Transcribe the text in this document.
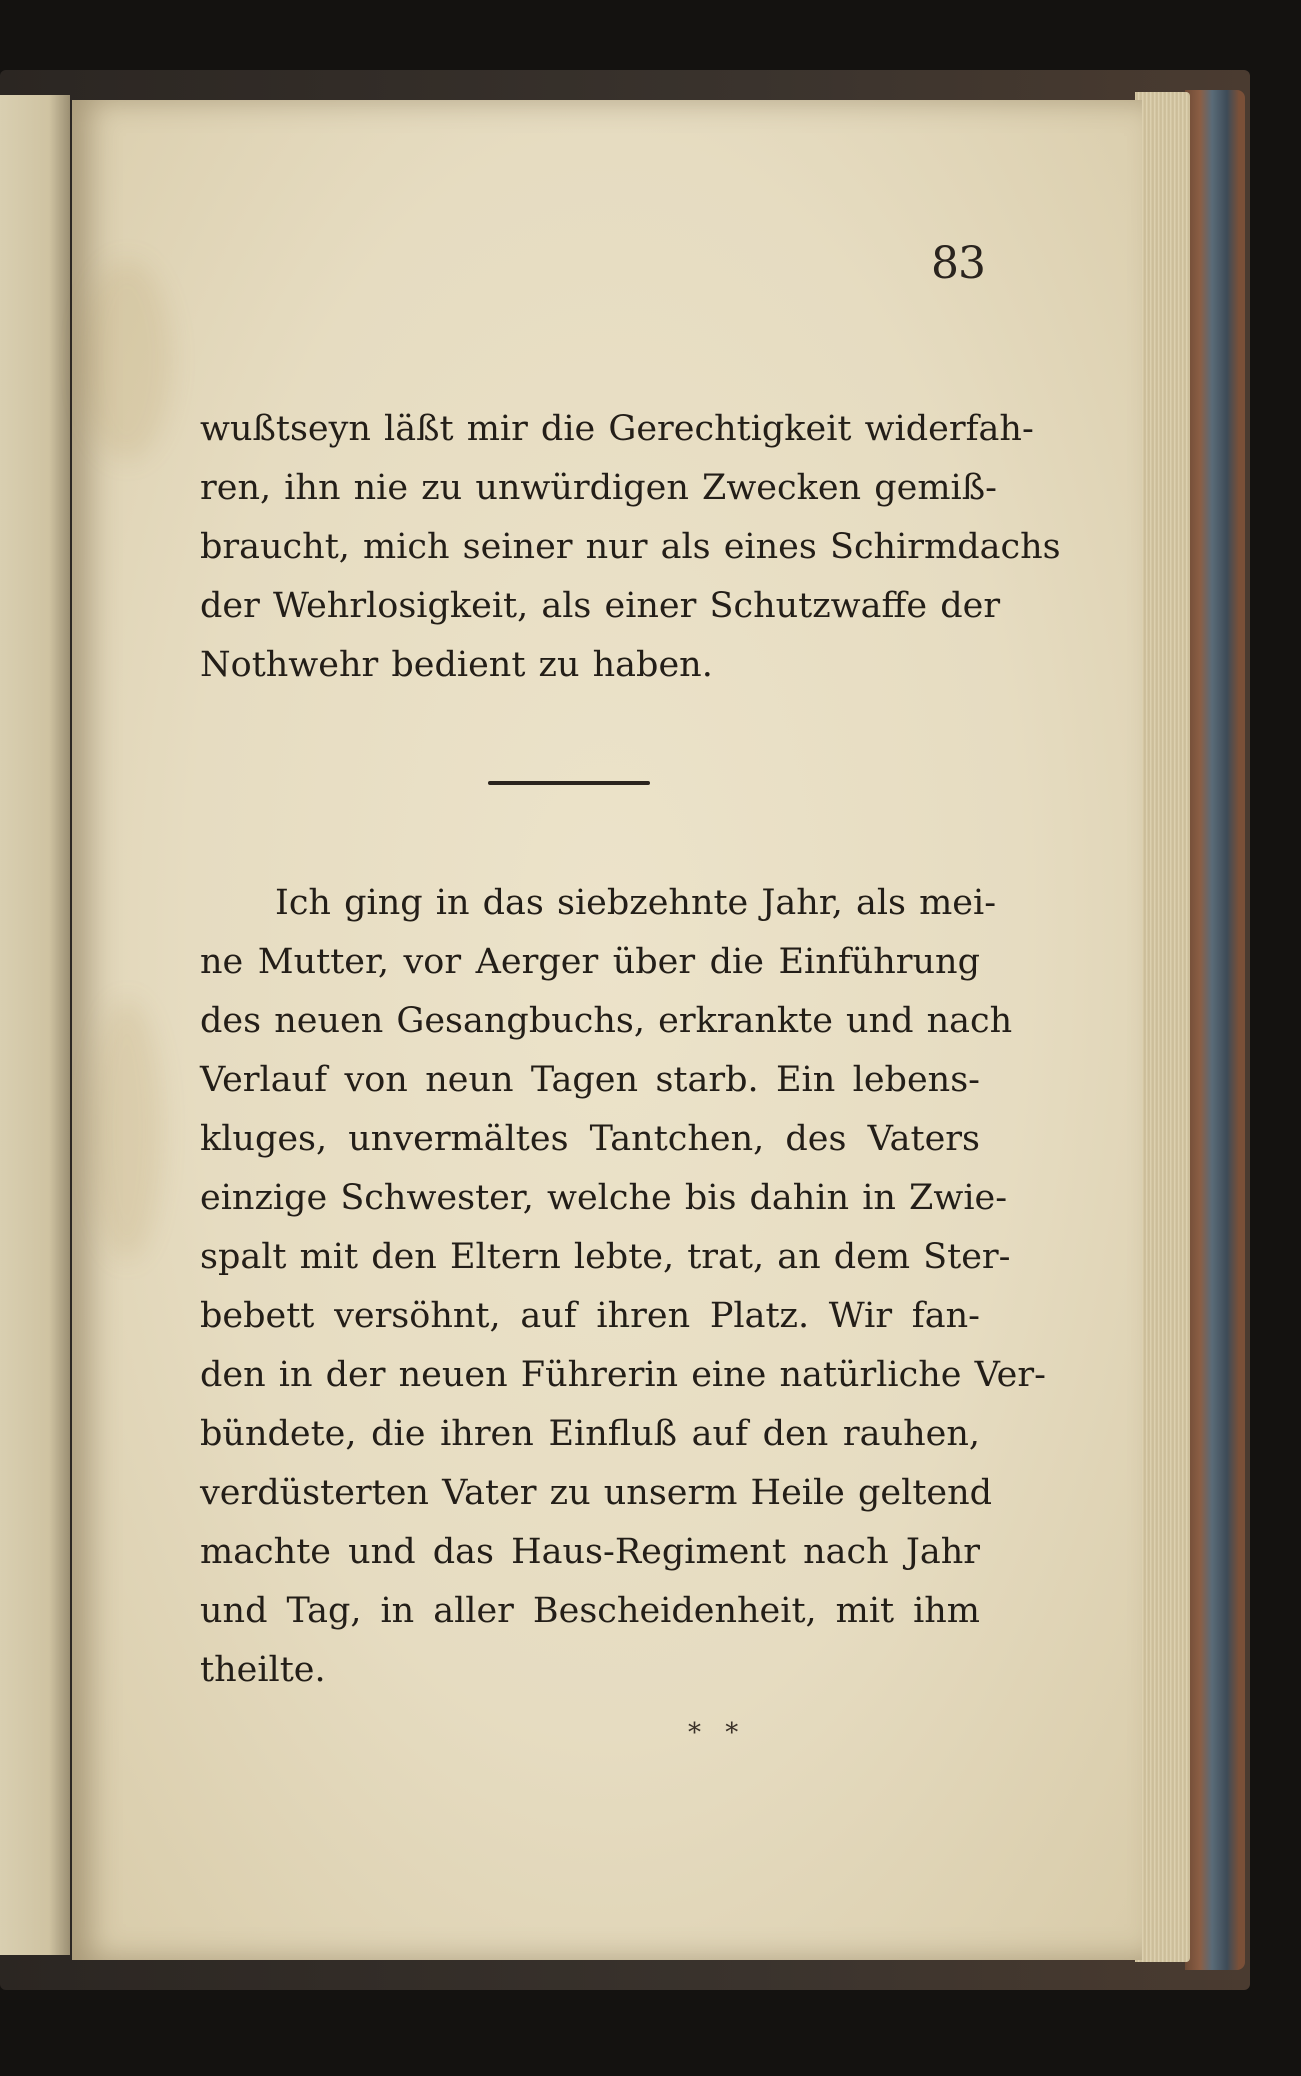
83
wußtseyn läßt mir die Gerechtigkeit widerfah-
ren, ihn nie zu unwürdigen Zwecken gemiß-
braucht, mich seiner nur als eines Schirmdachs
der Wehrlosigkeit, als einer Schutzwaffe der
Nothwehr bedient zu haben.
Ich ging in das siebzehnte Jahr, als mei-
ne Mutter, vor Aerger über die Einführung
des neuen Gesangbuchs, erkrankte und nach
Verlauf von neun Tagen starb. Ein lebens-
kluges, unvermältes Tantchen, des Vaters
einzige Schwester, welche bis dahin in Zwie-
spalt mit den Eltern lebte, trat, an dem Ster-
bebett versöhnt, auf ihren Platz. Wir fan-
den in der neuen Führerin eine natürliche Ver-
bündete, die ihren Einfluß auf den rauhen,
verdüsterten Vater zu unserm Heile geltend
machte und das Haus-Regiment nach Jahr
und Tag, in aller Bescheidenheit, mit ihm
theilte.
* *
